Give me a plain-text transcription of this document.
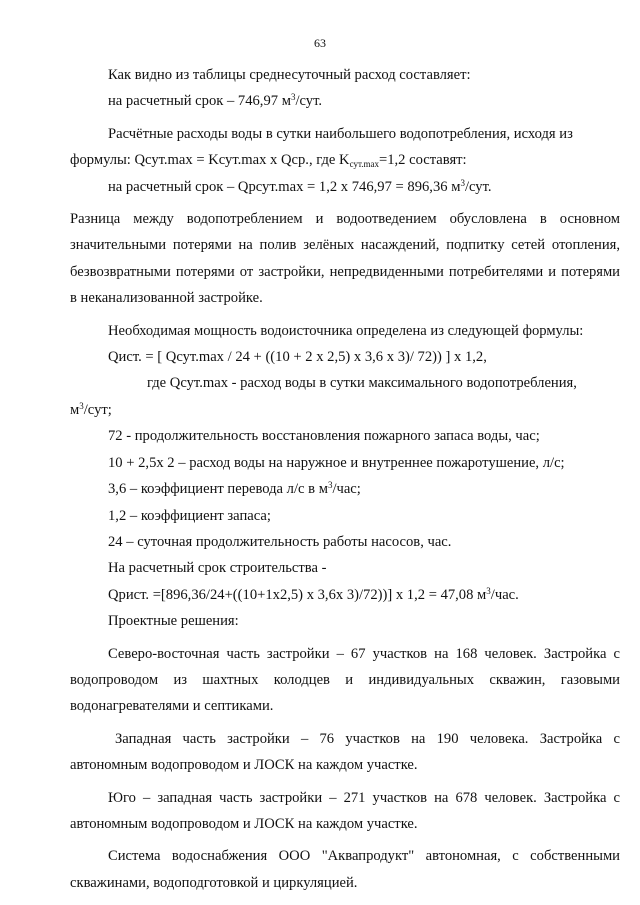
63

Как видно из таблицы среднесуточный расход составляет:

на расчетный срок – 746,97 $м^3$/сут.

Расчётные расходы воды в сутки наибольшего водопотребления, исходя из

формулы: Qсут.max = Kсут.max x Qср., где $K_{сут.max}=1,2$ составят:

на расчетный срок – Qрсут.max = 1,2 х 746,97 = 896,36 $м^3$/сут.

Разница между водопотреблением и водоотведением обусловлена в основном значительными потерями на полив зелёных насаждений, подпитку сетей отопления, безвозвратными потерями от застройки, непредвиденными потребителями и потерями в неканализованной застройке.

Необходимая мощность водоисточника определена из следующей формулы:

Qист. = [ Qсут.max / 24 + ((10 + 2 х 2,5) х 3,6 х 3)/ 72)) ] х 1,2,

где Qсут.max - расход воды в сутки максимального водопотребления,

$м^3$/сут;

72 - продолжительность восстановления пожарного запаса воды, час;

10 + 2,5х 2 – расход воды на наружное и внутреннее пожаротушение, л/с;

3,6 – коэффициент перевода л/с в $м^3$/час;

1,2 – коэффициент запаса;

24 – суточная продолжительность работы насосов, час.

На расчетный срок строительства -

Qрист. =[896,36/24+((10+1х2,5) х 3,6х 3)/72))] х 1,2 = 47,08 $м^3$/час.

Проектные решения:

Северо-восточная часть застройки – 67 участков на 168 человек. Застройка с водопроводом из шахтных колодцев и индивидуальных скважин, газовыми водонагревателями и септиками.

Западная часть застройки – 76 участков на 190 человека. Застройка с автономным водопроводом и ЛОСК на каждом участке.

Юго – западная часть застройки – 271 участков на 678 человек. Застройка с автономным водопроводом и ЛОСК на каждом участке.

Система водоснабжения ООО "Аквапродукт" автономная, с собственными скважинами, водоподготовкой и циркуляцией.
